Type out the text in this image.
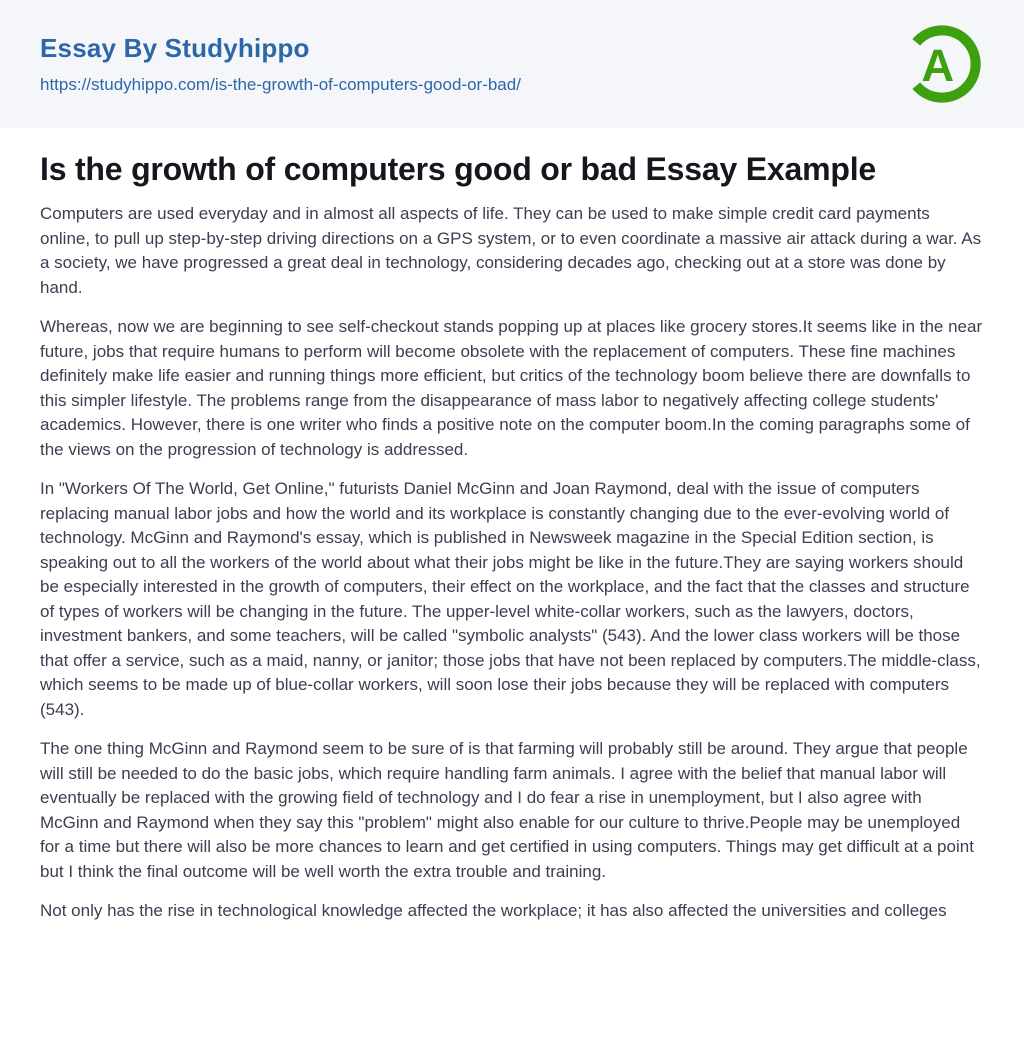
Essay By Studyhippo
https://studyhippo.com/is-the-growth-of-computers-good-or-bad/	A
Is the growth of computers good or bad Essay Example

Computers are used everyday and in almost all aspects of life. They can be used to make simple credit card payments online, to pull up step-by-step driving directions on a GPS system, or to even coordinate a massive air attack during a war. As a society, we have progressed a great deal in technology, considering decades ago, checking out at a store was done by hand.

Whereas, now we are beginning to see self-checkout stands popping up at places like grocery stores.It seems like in the near future, jobs that require humans to perform will become obsolete with the replacement of computers. These fine machines definitely make life easier and running things more efficient, but critics of the technology boom believe there are downfalls to this simpler lifestyle. The problems range from the disappearance of mass labor to negatively affecting college students' academics. However, there is one writer who finds a positive note on the computer boom.In the coming paragraphs some of the views on the progression of technology is addressed.

In "Workers Of The World, Get Online," futurists Daniel McGinn and Joan Raymond, deal with the issue of computers replacing manual labor jobs and how the world and its workplace is constantly changing due to the ever-evolving world of technology. McGinn and Raymond's essay, which is published in Newsweek magazine in the Special Edition section, is speaking out to all the workers of the world about what their jobs might be like in the future.They are saying workers should be especially interested in the growth of computers, their effect on the workplace, and the fact that the classes and structure of types of workers will be changing in the future. The upper-level white-collar workers, such as the lawyers, doctors, investment bankers, and some teachers, will be called "symbolic analysts" (543). And the lower class workers will be those that offer a service, such as a maid, nanny, or janitor; those jobs that have not been replaced by computers.The middle-class, which seems to be made up of blue-collar workers, will soon lose their jobs because they will be replaced with computers (543).

The one thing McGinn and Raymond seem to be sure of is that farming will probably still be around. They argue that people will still be needed to do the basic jobs, which require handling farm animals. I agree with the belief that manual labor will eventually be replaced with the growing field of technology and I do fear a rise in unemployment, but I also agree with McGinn and Raymond when they say this "problem" might also enable for our culture to thrive.People may be unemployed for a time but there will also be more chances to learn and get certified in using computers. Things may get difficult at a point but I think the final outcome will be well worth the extra trouble and training.

Not only has the rise in technological knowledge affected the workplace; it has also affected the universities and colleges
